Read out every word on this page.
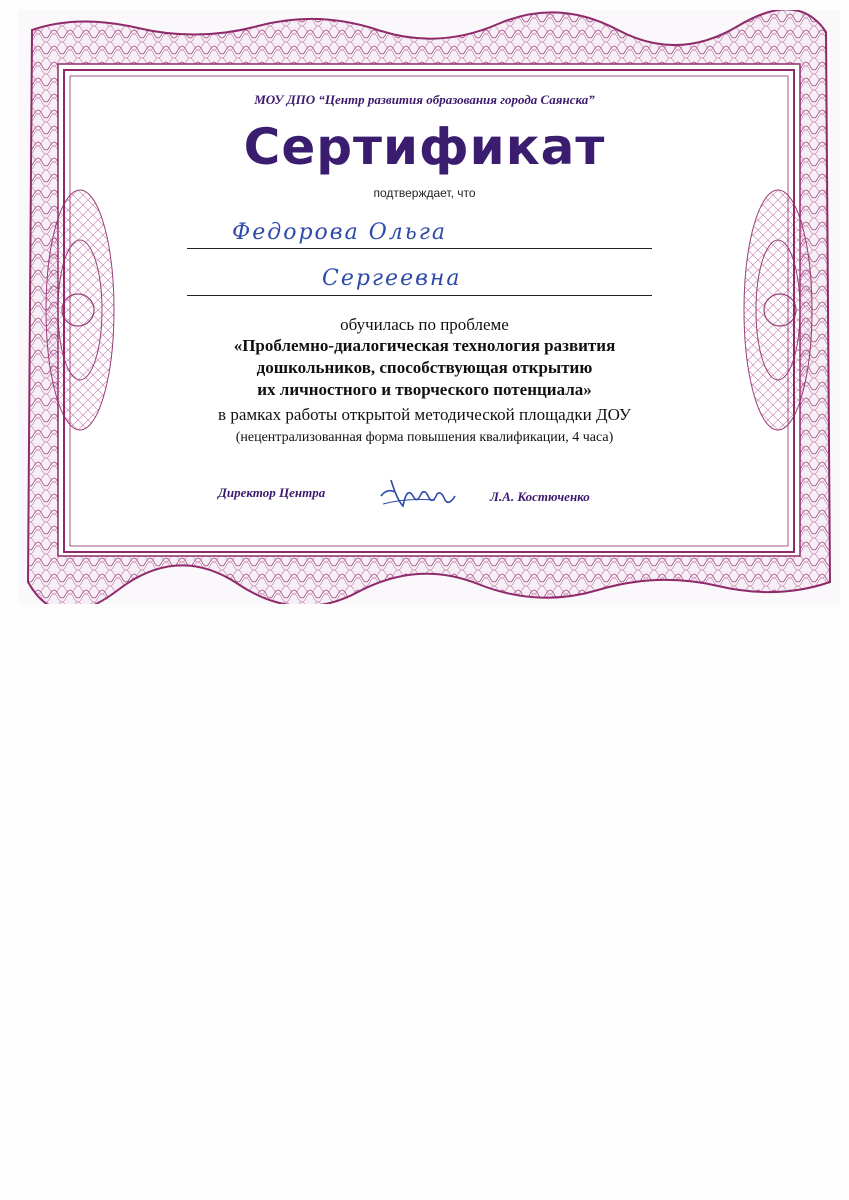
МОУ ДПО “Центр развития образования города Саянска”
Сертификат
подтверждает, что
Федорова Ольга
Сергеевна
обучилась по проблеме
«Проблемно-диалогическая технология развития
дошкольников, способствующая открытию
их личностного и творческого потенциала»
в рамках работы открытой методической площадки ДОУ
(нецентрализованная форма повышения квалификации, 4 часа)
Директор Центра	Л.А. Костюченко
